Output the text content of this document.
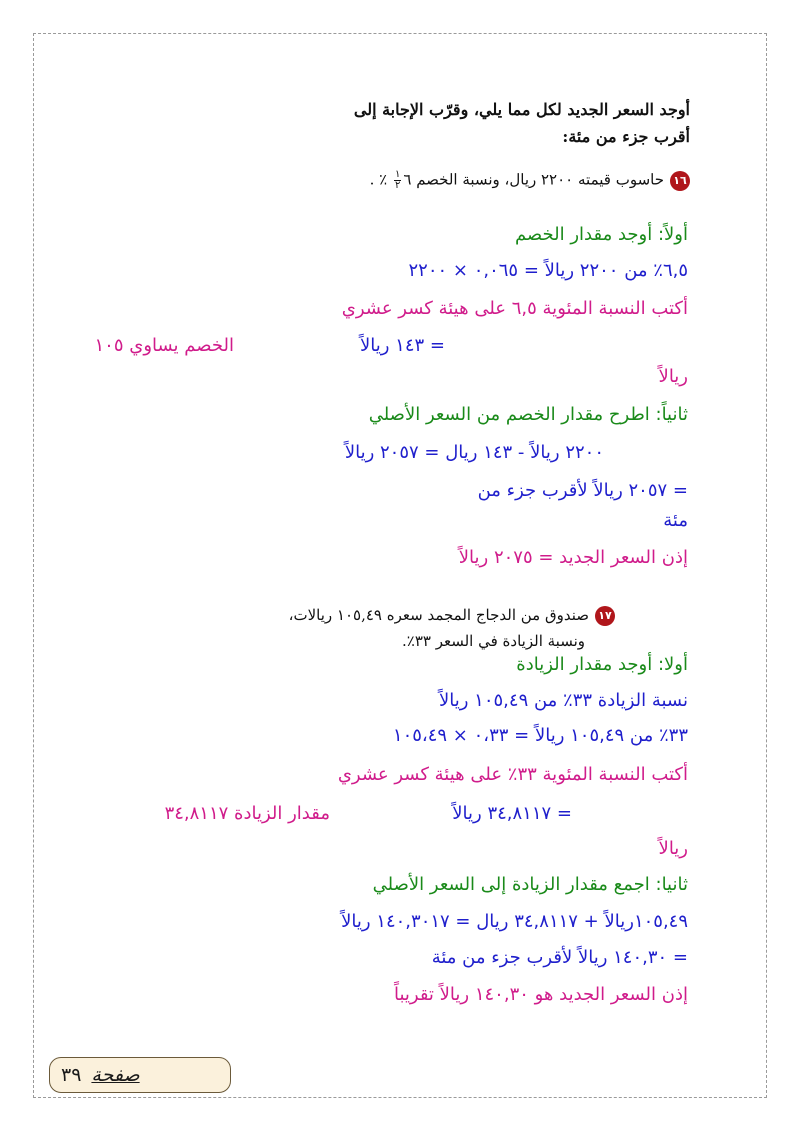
أوجد السعر الجديد لكل مما يلي، وقرّب الإجابة إلى
أقرب جزء من مئة:
١٦حاسوب قيمته ٢٢٠٠ ريال، ونسبة الخصم ٦
$\frac{١}{٢}$
٪ .
أولاً: أوجد مقدار الخصم
٦,٥٪ من ٢٢٠٠ ريالاً = ٠,٠٦٥ × ٢٢٠٠
أكتب النسبة المئوية ٦,٥ على هيئة كسر عشري
= ١٤٣ ريالاً
الخصم يساوي ١٠٥
ريالاً
ثانياً: اطرح مقدار الخصم من السعر الأصلي
٢٢٠٠ ريالاً - ١٤٣ ريال = ٢٠٥٧ ريالاً
= ٢٠٥٧ ريالاً لأقرب جزء من
مئة
إذن السعر الجديد = ٢٠٧٥ ريالاً
١٧صندوق من الدجاج المجمد سعره ١٠٥,٤٩ ريالات،
ونسبة الزيادة في السعر ٣٣٪.
أولا: أوجد مقدار الزيادة
نسبة الزيادة ٣٣٪ من ١٠٥,٤٩ ريالاً
٣٣٪ من ١٠٥,٤٩ ريالاً = ٠،٣٣ × ١٠٥،٤٩
أكتب النسبة المئوية ٣٣٪ على هيئة كسر عشري
= ٣٤,٨١١٧ ريالاً
مقدار الزيادة ٣٤,٨١١٧
ريالاً
ثانيا: اجمع مقدار الزيادة إلى السعر الأصلي
١٠٥,٤٩ريالاً + ٣٤,٨١١٧ ريال = ١٤٠,٣٠١٧ ريالاً
= ١٤٠,٣٠ ريالاً لأقرب جزء من مئة
إذن السعر الجديد هو ١٤٠,٣٠ ريالاً تقريباً
صفحة٣٩
